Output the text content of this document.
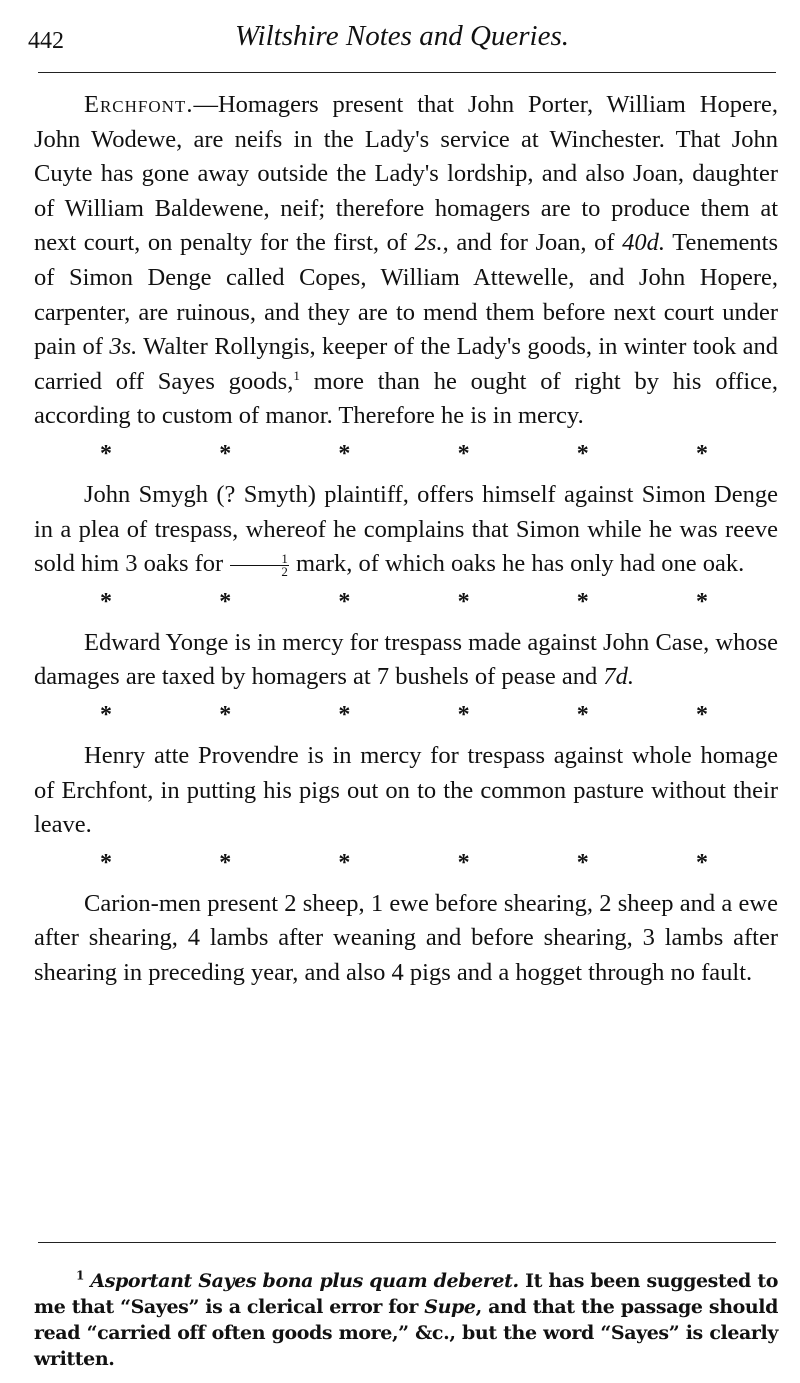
442	Wiltshire Notes and Queries.

Erchfont.—Homagers present that John Porter, William Hopere, John Wodewe, are neifs in the Lady's service at Winchester. That John Cuyte has gone away outside the Lady's lordship, and also Joan, daughter of William Baldewene, neif; therefore homagers are to produce them at next court, on penalty for the first, of 2s., and for Joan, of 40d. Tenements of Simon Denge called Copes, William Attewelle, and John Hopere, carpenter, are ruinous, and they are to mend them before next court under pain of 3s. Walter Rollyngis, keeper of the Lady's goods, in winter took and carried off Sayes goods,$^1$ more than he ought of right by his office, according to custom of manor. Therefore he is in mercy.

*	*	*	*	*	*

John Smygh (? Smyth) plaintiff, offers himself against Simon Denge in a plea of trespass, whereof he complains that Simon while he was reeve sold him 3 oaks for $\frac{1}{2}$ mark, of which oaks he has only had one oak.

*	*	*	*	*	*

Edward Yonge is in mercy for trespass made against John Case, whose damages are taxed by homagers at 7 bushels of pease and 7d.

*	*	*	*	*	*

Henry atte Provendre is in mercy for trespass against whole homage of Erchfont, in putting his pigs out on to the common pasture without their leave.

*	*	*	*	*	*

Carion-men present 2 sheep, 1 ewe before shearing, 2 sheep and a ewe after shearing, 4 lambs after weaning and before shearing, 3 lambs after shearing in preceding year, and also 4 pigs and a hogget through no fault.

$^1$ Asportant Sayes bona plus quam deberet. It has been suggested to me that “Sayes” is a clerical error for Supe, and that the passage should read “carried off often goods more,” &c., but the word “Sayes” is clearly written.
